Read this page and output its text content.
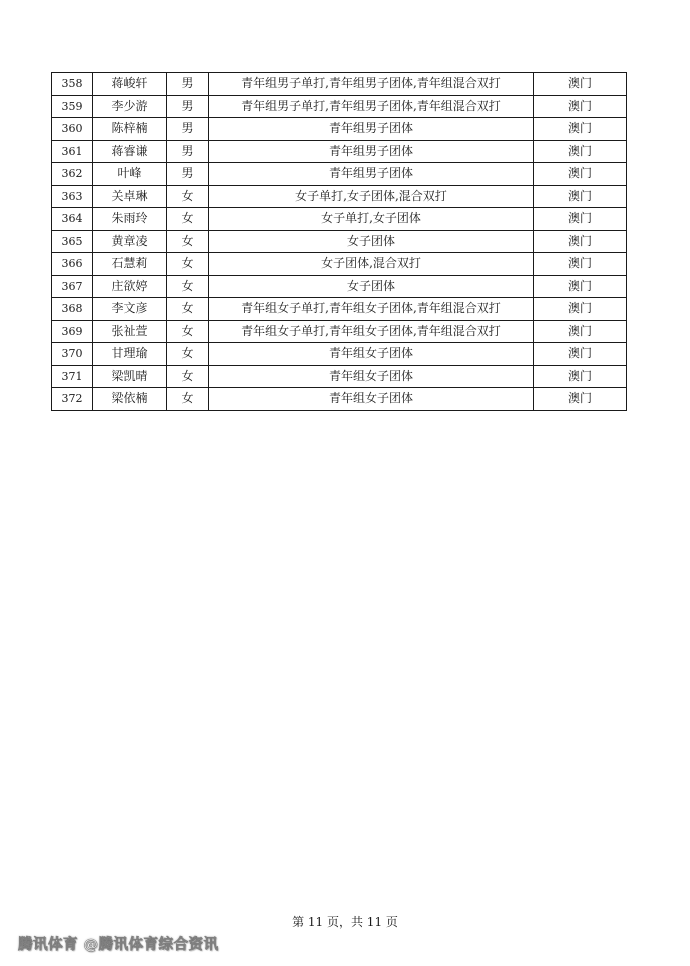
358	蒋峻轩	男	青年组男子单打,青年组男子团体,青年组混合双打	澳门
359	李少游	男	青年组男子单打,青年组男子团体,青年组混合双打	澳门
360	陈梓楠	男	青年组男子团体	澳门
361	蒋睿谦	男	青年组男子团体	澳门
362	叶峰	男	青年组男子团体	澳门
363	关卓琳	女	女子单打,女子团体,混合双打	澳门
364	朱雨玲	女	女子单打,女子团体	澳门
365	黄章凌	女	女子团体	澳门
366	石慧莉	女	女子团体,混合双打	澳门
367	庄欲婷	女	女子团体	澳门
368	李文彦	女	青年组女子单打,青年组女子团体,青年组混合双打	澳门
369	张祉萱	女	青年组女子单打,青年组女子团体,青年组混合双打	澳门
370	甘理瑜	女	青年组女子团体	澳门
371	梁凯晴	女	青年组女子团体	澳门
372	梁依楠	女	青年组女子团体	澳门
第 11 页，共 11 页
腾讯体育 @腾讯体育综合资讯
